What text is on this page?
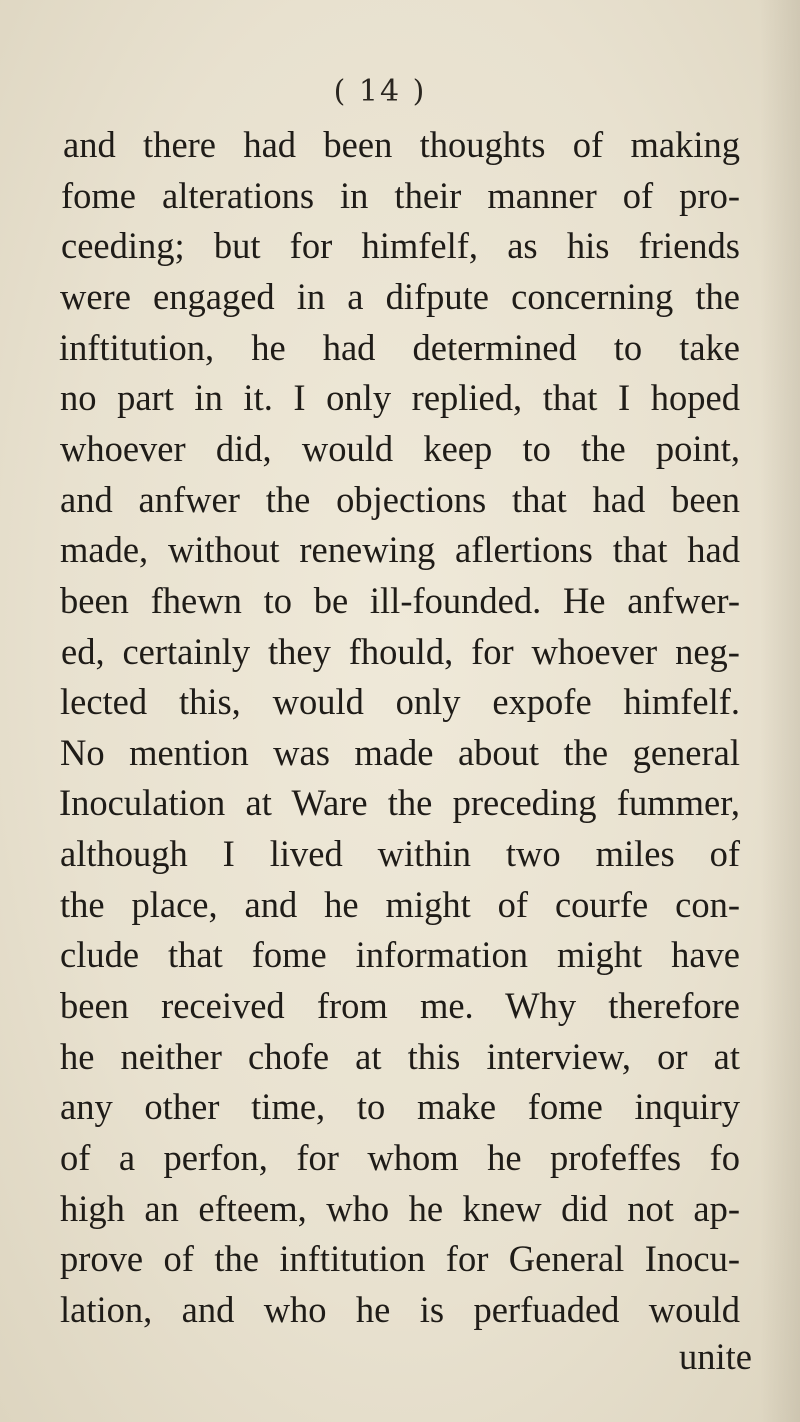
( 14 )
and there had been thoughts of making
fome alterations in their manner of pro-
ceeding; but for himfelf, as his friends
were engaged in a difpute concerning the
inftitution, he had determined to take
no part in it. I only replied, that I hoped
whoever did, would keep to the point,
and anfwer the objections that had been
made, without renewing aflertions that had
been fhewn to be ill-founded. He anfwer-
ed, certainly they fhould, for whoever neg-
lected this, would only expofe himfelf.
No mention was made about the general
Inoculation at Ware the preceding fummer,
although I lived within two miles of
the place, and he might of courfe con-
clude that fome information might have
been received from me. Why therefore
he neither chofe at this interview, or at
any other time, to make fome inquiry
of a perfon, for whom he profeffes fo
high an efteem, who he knew did not ap-
prove of the inftitution for General Inocu-
lation, and who he is perfuaded would
unite
